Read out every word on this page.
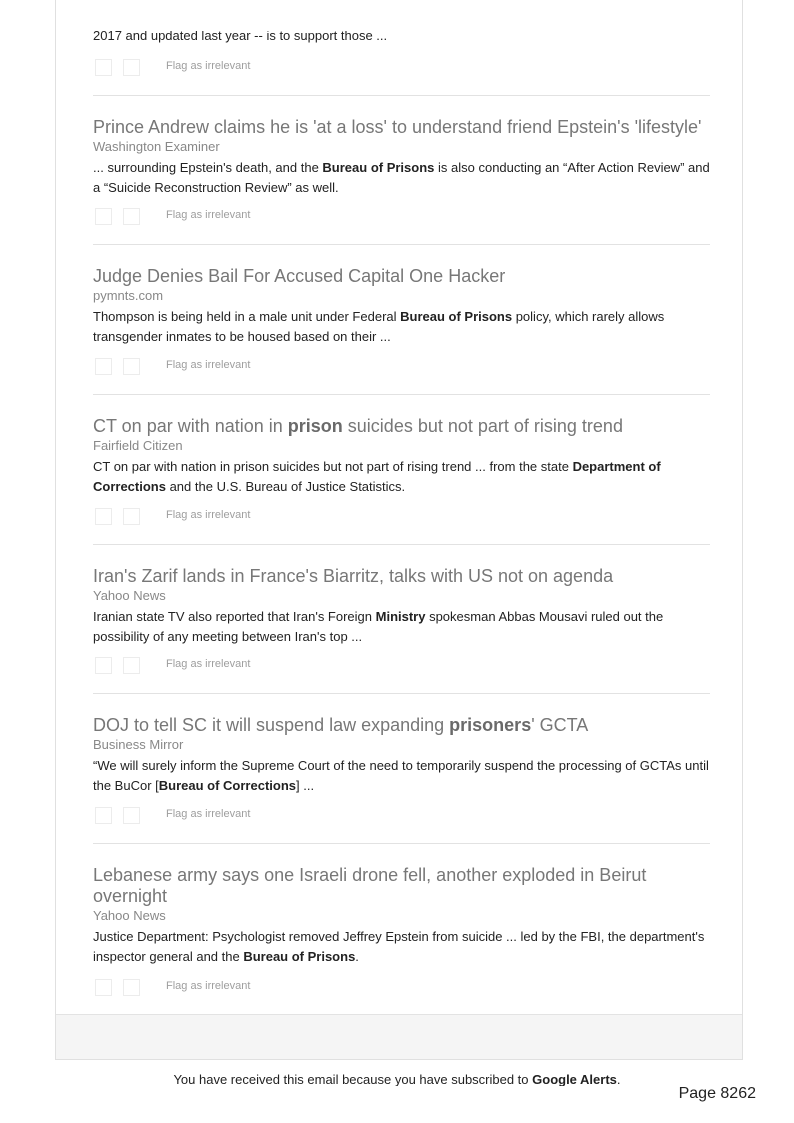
2017 and updated last year -- is to support those ...
Flag as irrelevant
Prince Andrew claims he is 'at a loss' to understand friend Epstein's 'lifestyle'
Washington Examiner
... surrounding Epstein's death, and the Bureau of Prisons is also conducting an “After Action Review” and a “Suicide Reconstruction Review” as well.
Flag as irrelevant
Judge Denies Bail For Accused Capital One Hacker
pymnts.com
Thompson is being held in a male unit under Federal Bureau of Prisons policy, which rarely allows transgender inmates to be housed based on their ...
Flag as irrelevant
CT on par with nation in prison suicides but not part of rising trend
Fairfield Citizen
CT on par with nation in prison suicides but not part of rising trend ... from the state Department of Corrections and the U.S. Bureau of Justice Statistics.
Flag as irrelevant
Iran's Zarif lands in France's Biarritz, talks with US not on agenda
Yahoo News
Iranian state TV also reported that Iran's Foreign Ministry spokesman Abbas Mousavi ruled out the possibility of any meeting between Iran's top ...
Flag as irrelevant
DOJ to tell SC it will suspend law expanding prisoners' GCTA
Business Mirror
“We will surely inform the Supreme Court of the need to temporarily suspend the processing of GCTAs until the BuCor [Bureau of Corrections] ...
Flag as irrelevant
Lebanese army says one Israeli drone fell, another exploded in Beirut overnight
Yahoo News
Justice Department: Psychologist removed Jeffrey Epstein from suicide ... led by the FBI, the department's inspector general and the Bureau of Prisons.
Flag as irrelevant
You have received this email because you have subscribed to Google Alerts.
Page 8262
